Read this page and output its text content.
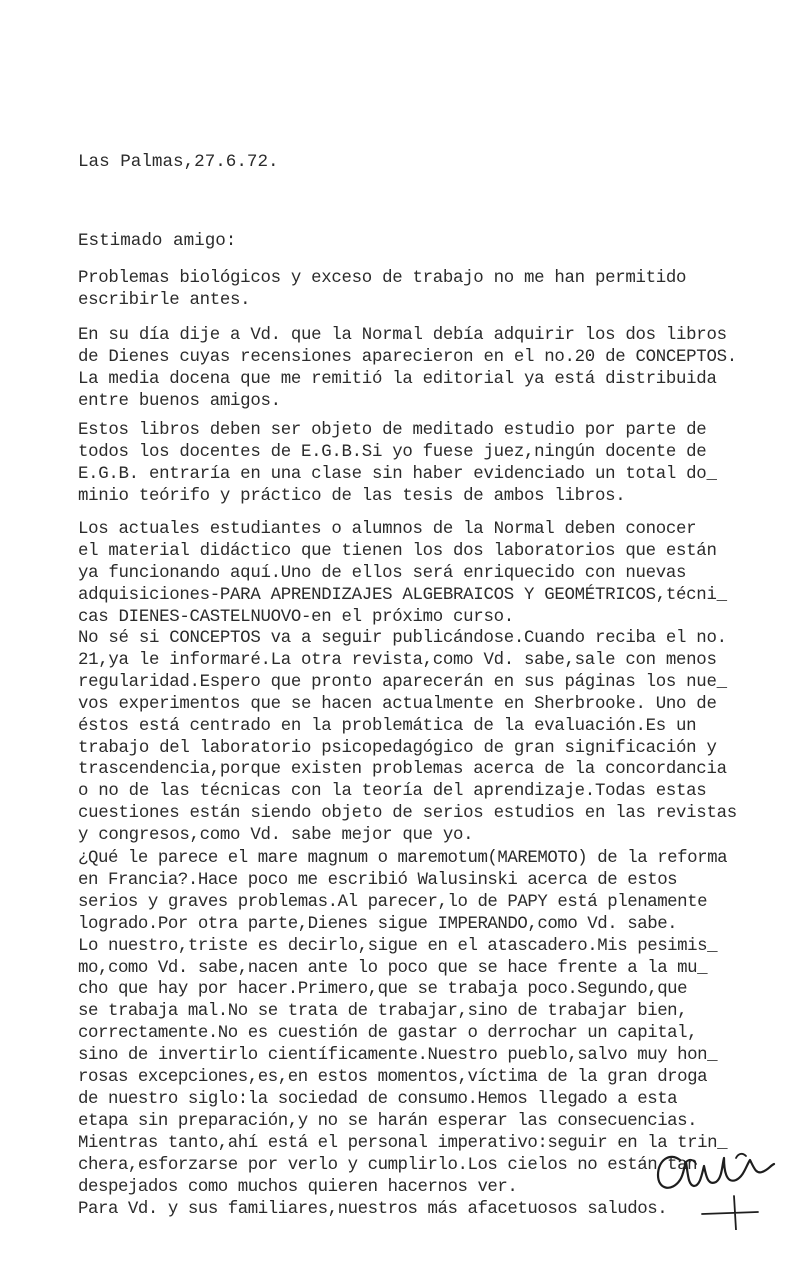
Las Palmas,27.6.72.
Estimado amigo:

Problemas biológicos y exceso de trabajo no me han permitido
escribirle antes.

En su día dije a Vd. que la Normal debía adquirir los dos libros
de Dienes cuyas recensiones aparecieron en el no.20 de CONCEPTOS.
La media docena que me remitió la editorial ya está distribuida
entre buenos amigos.

Estos libros deben ser objeto de meditado estudio por parte de
todos los docentes de E.G.B.Si yo fuese juez,ningún docente de
E.G.B. entraría en una clase sin haber evidenciado un total do_
minio teórifo y práctico de las tesis de ambos libros.

Los actuales estudiantes o alumnos de la Normal deben conocer
el material didáctico que tienen los dos laboratorios que están
ya funcionando aquí.Uno de ellos será enriquecido con nuevas
adquisiciones-PARA APRENDIZAJES ALGEBRAICOS Y GEOMÉTRICOS,técni_
cas DIENES-CASTELNUOVO-en el próximo curso.

No sé si CONCEPTOS va a seguir publicándose.Cuando reciba el no.
21,ya le informaré.La otra revista,como Vd. sabe,sale con menos
regularidad.Espero que pronto aparecerán en sus páginas los nue_
vos experimentos que se hacen actualmente en Sherbrooke. Uno de
éstos está centrado en la problemática de la evaluación.Es un
trabajo del laboratorio psicopedagógico de gran significación y
trascendencia,porque existen problemas acerca de la concordancia
o no de las técnicas con la teoría del aprendizaje.Todas estas
cuestiones están siendo objeto de serios estudios en las revistas
y congresos,como Vd. sabe mejor que yo.

¿Qué le parece el mare magnum o maremotum(MAREMOTO) de la reforma
en Francia?.Hace poco me escribió Walusinski acerca de estos
serios y graves problemas.Al parecer,lo de PAPY está plenamente
logrado.Por otra parte,Dienes sigue IMPERANDO,como Vd. sabe.
Lo nuestro,triste es decirlo,sigue en el atascadero.Mis pesimis_
mo,como Vd. sabe,nacen ante lo poco que se hace frente a la mu_
cho que hay por hacer.Primero,que se trabaja poco.Segundo,que
se trabaja mal.No se trata de trabajar,sino de trabajar bien,
correctamente.No es cuestión de gastar o derrochar un capital,
sino de invertirlo científicamente.Nuestro pueblo,salvo muy hon_
rosas excepciones,es,en estos momentos,víctima de la gran droga
de nuestro siglo:la sociedad de consumo.Hemos llegado a esta
etapa sin preparación,y no se harán esperar las consecuencias.
Mientras tanto,ahí está el personal imperativo:seguir en la trin_
chera,esforzarse por verlo y cumplirlo.Los cielos no están tan
despejados como muchos quieren hacernos ver.
Para Vd. y sus familiares,nuestros más afacetuosos saludos.
